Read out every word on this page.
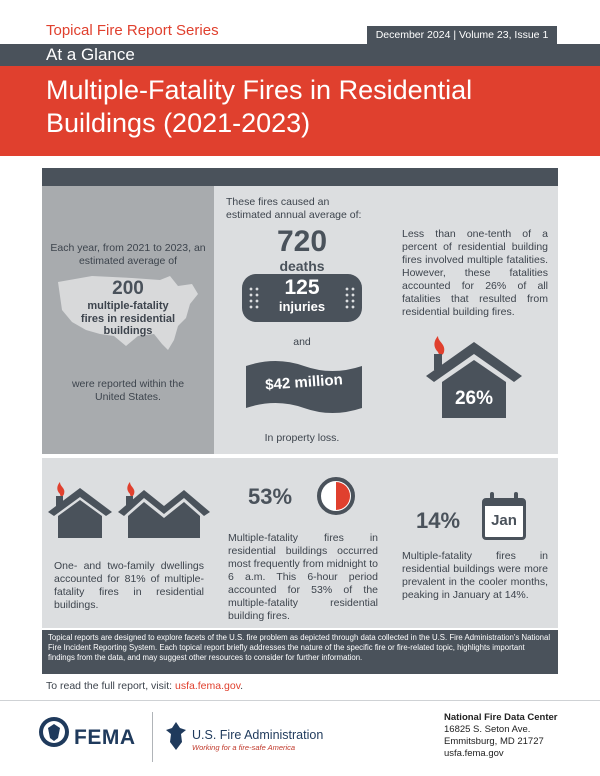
Topical Fire Report Series	December 2024 | Volume 23, Issue 1
At a Glance
Multiple-Fatality Fires in Residential
Buildings (2021-2023)
Each year, from 2021 to 2023, an estimated average of
200
multiple-fatality
fires in residential
buildings
were reported within the United States.
These fires caused an estimated annual average of:
720
deaths
125
injuries
and
$42 million
In property loss.
Less than one-tenth of a percent of residential building fires involved multiple fatalities. However, these fatalities accounted for 26% of all fatalities that resulted from residential building fires.
26%
One- and two-family dwellings accounted for 81% of multiple-fatality fires in residential buildings.
53%
Multiple-fatality fires in residential buildings occurred most frequently from midnight to 6 a.m. This 6-hour period accounted for 53% of the multiple-fatality residential building fires.
14%	Jan
Multiple-fatality fires in residential buildings were more prevalent in the cooler months, peaking in January at 14%.
Topical reports are designed to explore facets of the U.S. fire problem as depicted through data collected in the U.S. Fire Administration's National Fire Incident Reporting System. Each topical report briefly addresses the nature of the specific fire or fire-related topic, highlights important findings from the data, and may suggest other resources to consider for further information.
To read the full report, visit: usfa.fema.gov.
FEMA	U.S. Fire Administration
Working for a fire-safe America
National Fire Data Center
16825 S. Seton Ave.
Emmitsburg, MD 21727
usfa.fema.gov
